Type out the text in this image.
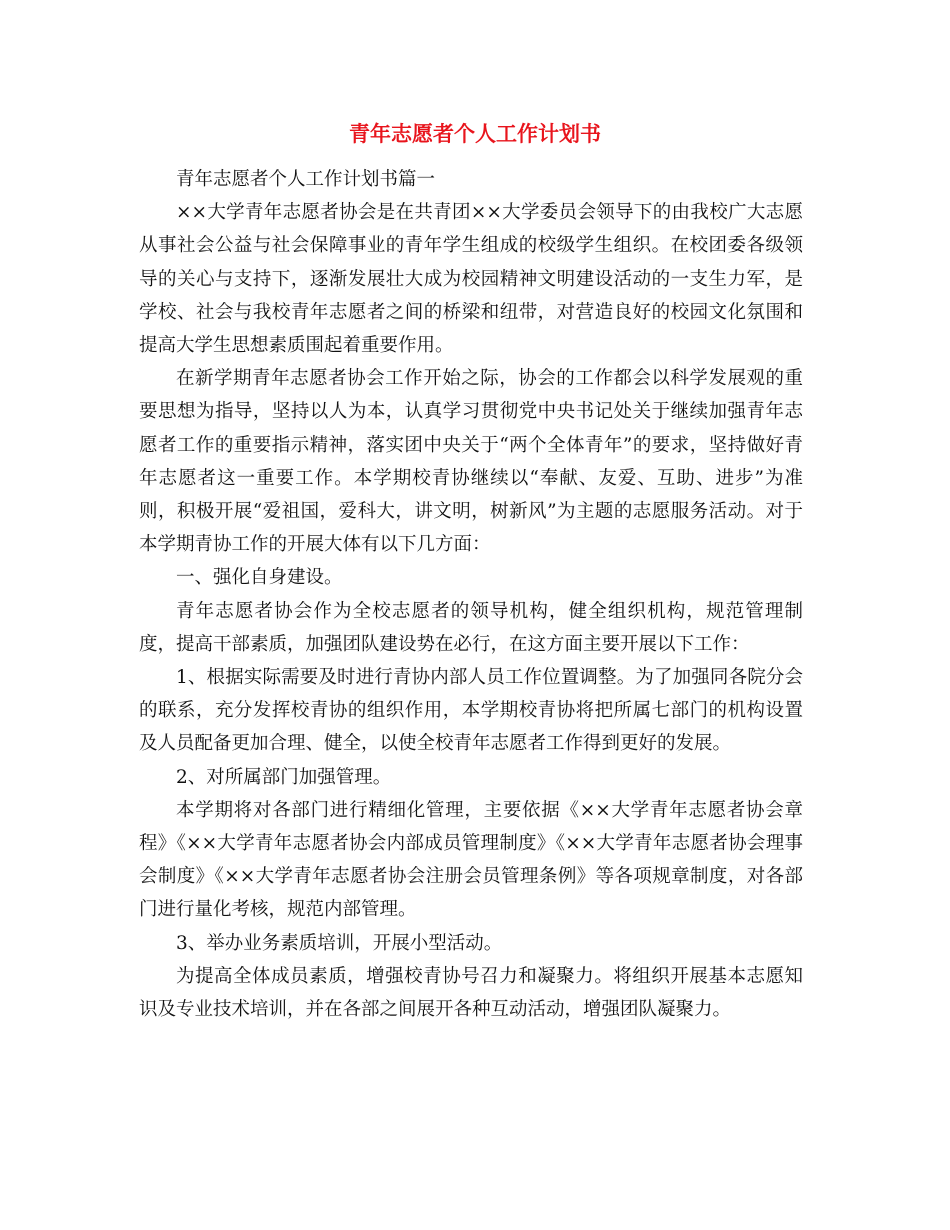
青年志愿者个人工作计划书

青年志愿者个人工作计划书篇一

××大学青年志愿者协会是在共青团××大学委员会领导下的由我校广大志愿从事社会公益与社会保障事业的青年学生组成的校级学生组织。在校团委各级领导的关心与支持下，逐渐发展壮大成为校园精神文明建设活动的一支生力军，是学校、社会与我校青年志愿者之间的桥梁和纽带，对营造良好的校园文化氛围和提高大学生思想素质围起着重要作用。

在新学期青年志愿者协会工作开始之际，协会的工作都会以科学发展观的重要思想为指导，坚持以人为本，认真学习贯彻党中央书记处关于继续加强青年志愿者工作的重要指示精神，落实团中央关于“两个全体青年”的要求，坚持做好青年志愿者这一重要工作。本学期校青协继续以“奉献、友爱、互助、进步”为准则，积极开展“爱祖国，爱科大，讲文明，树新风”为主题的志愿服务活动。对于本学期青协工作的开展大体有以下几方面：

一、强化自身建设。

青年志愿者协会作为全校志愿者的领导机构，健全组织机构，规范管理制度，提高干部素质，加强团队建设势在必行，在这方面主要开展以下工作：

1、根据实际需要及时进行青协内部人员工作位置调整。为了加强同各院分会的联系，充分发挥校青协的组织作用，本学期校青协将把所属七部门的机构设置及人员配备更加合理、健全，以使全校青年志愿者工作得到更好的发展。

2、对所属部门加强管理。

本学期将对各部门进行精细化管理，主要依据《××大学青年志愿者协会章程》《××大学青年志愿者协会内部成员管理制度》《××大学青年志愿者协会理事会制度》《××大学青年志愿者协会注册会员管理条例》等各项规章制度，对各部门进行量化考核，规范内部管理。

3、举办业务素质培训，开展小型活动。

为提高全体成员素质，增强校青协号召力和凝聚力。将组织开展基本志愿知识及专业技术培训，并在各部之间展开各种互动活动，增强团队凝聚力。
